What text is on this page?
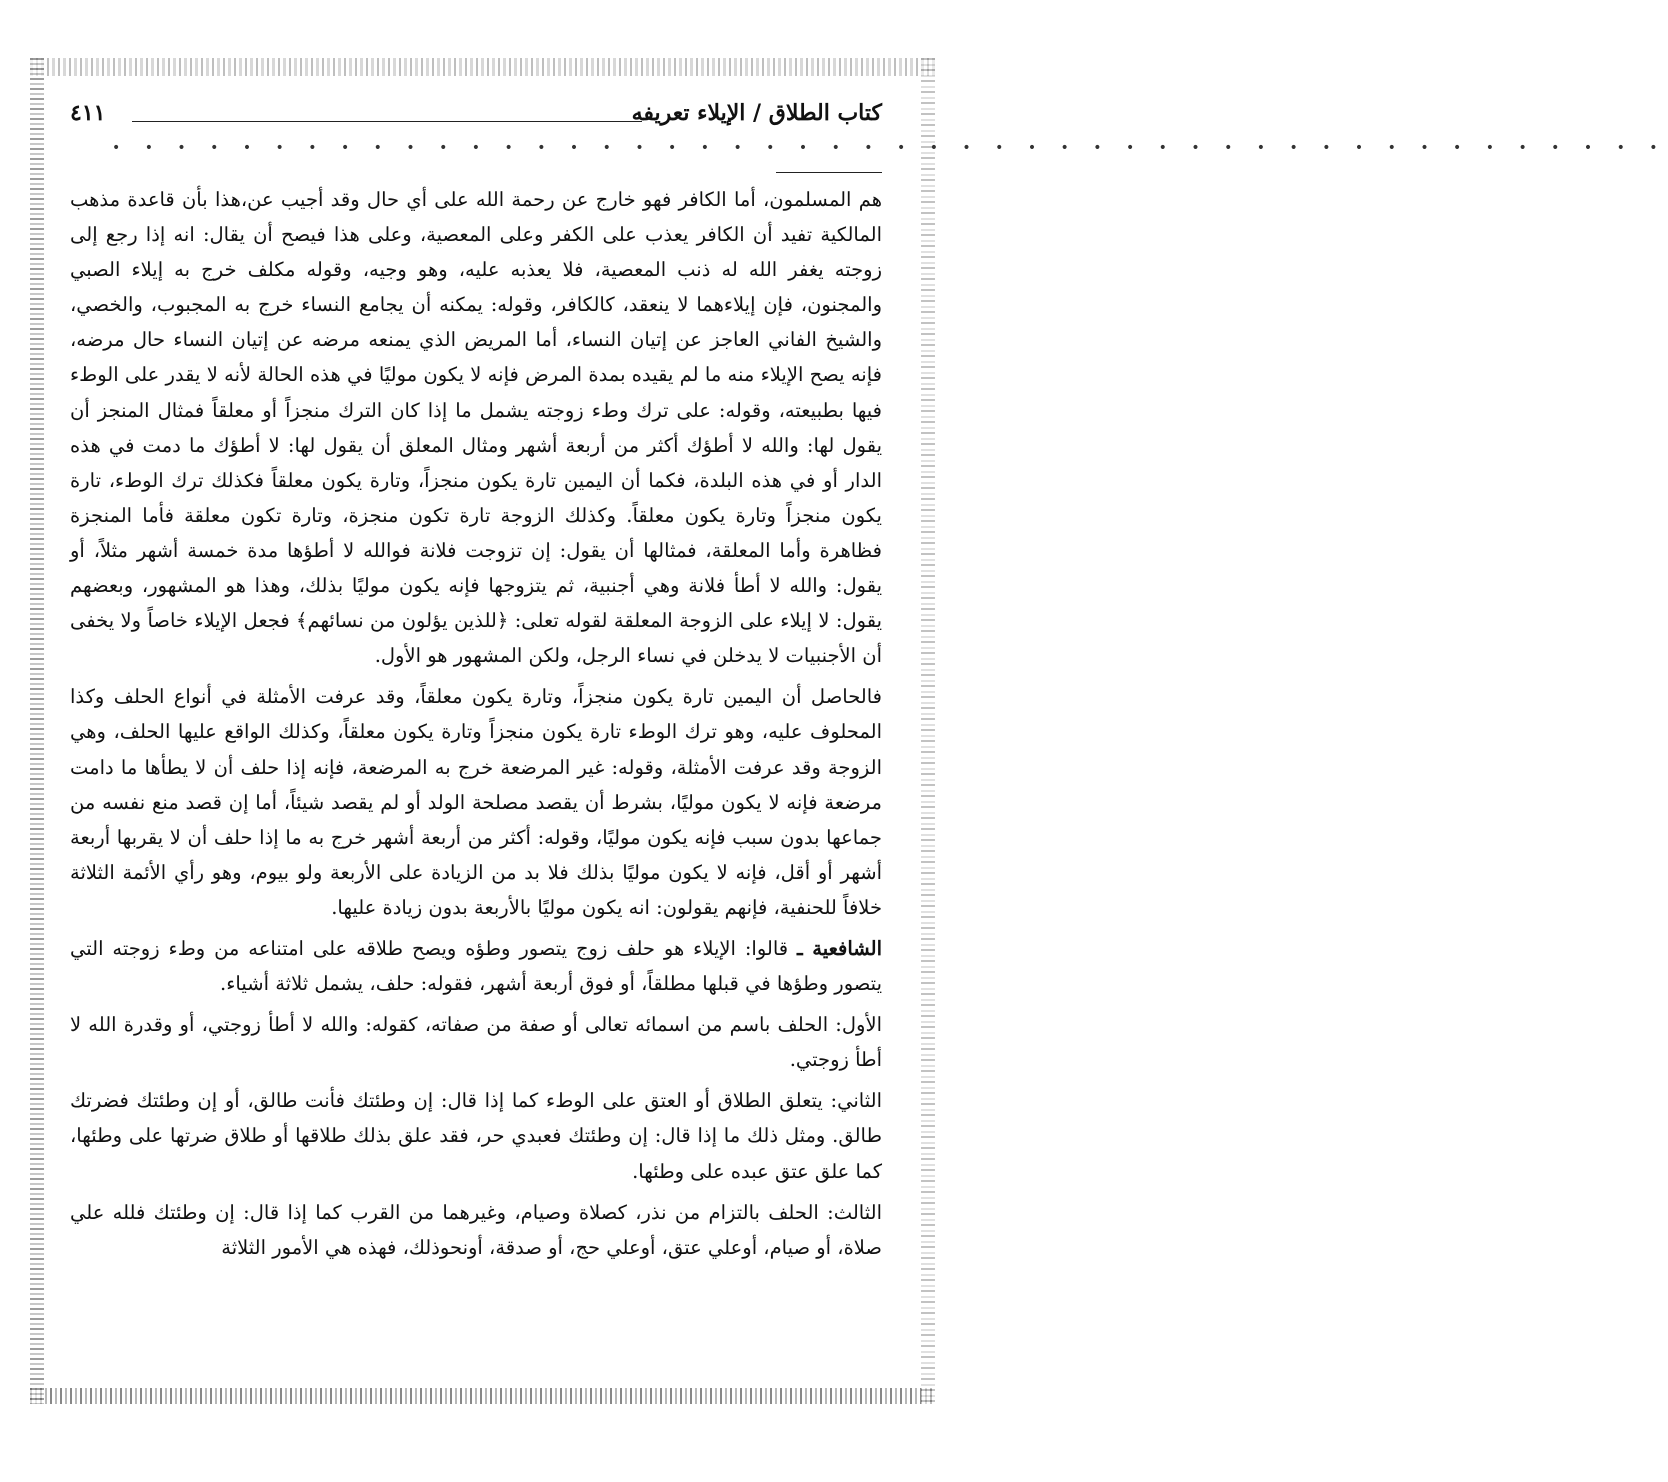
كتاب الطلاق / الإيلاء تعريفه
٤١١
• • • • • • • • • • • • • • • • • • • • • • • • • • • • • • • • • • • • • • • • • • • • • • • •

هم المسلمون، أما الكافر فهو خارج عن رحمة الله على أي حال وقد أجيب عن،هذا بأن قاعدة مذهب المالكية تفيد أن الكافر يعذب على الكفر وعلى المعصية، وعلى هذا فيصح أن يقال: انه إذا رجع إلى زوجته يغفر الله له ذنب المعصية، فلا يعذبه عليه، وهو وجيه، وقوله مكلف خرج به إيلاء الصبي والمجنون، فإن إيلاءهما لا ينعقد، كالكافر، وقوله: يمكنه أن يجامع النساء خرج به المجبوب، والخصي، والشيخ الفاني العاجز عن إتيان النساء، أما المريض الذي يمنعه مرضه عن إتيان النساء حال مرضه، فإنه يصح الإيلاء منه ما لم يقيده بمدة المرض فإنه لا يكون موليًا في هذه الحالة لأنه لا يقدر على الوطء فيها بطبيعته، وقوله: على ترك وطء زوجته يشمل ما إذا كان الترك منجزاً أو معلقاً فمثال المنجز أن يقول لها: والله لا أطؤك أكثر من أربعة أشهر ومثال المعلق أن يقول لها: لا أطؤك ما دمت في هذه الدار أو في هذه البلدة، فكما أن اليمين تارة يكون منجزاً، وتارة يكون معلقاً فكذلك ترك الوطء، تارة يكون منجزاً وتارة يكون معلقاً. وكذلك الزوجة تارة تكون منجزة، وتارة تكون معلقة فأما المنجزة فظاهرة وأما المعلقة، فمثالها أن يقول: إن تزوجت فلانة فوالله لا أطؤها مدة خمسة أشهر مثلاً، أو يقول: والله لا أطأ فلانة وهي أجنبية، ثم يتزوجها فإنه يكون موليًا بذلك، وهذا هو المشهور، وبعضهم يقول: لا إيلاء على الزوجة المعلقة لقوله تعلى: ﴿للذين يؤلون من نسائهم﴾ فجعل الإيلاء خاصاً ولا يخفى أن الأجنبيات لا يدخلن في نساء الرجل، ولكن المشهور هو الأول.

فالحاصل أن اليمين تارة يكون منجزاً، وتارة يكون معلقاً، وقد عرفت الأمثلة في أنواع الحلف وكذا المحلوف عليه، وهو ترك الوطء تارة يكون منجزاً وتارة يكون معلقاً، وكذلك الواقع عليها الحلف، وهي الزوجة وقد عرفت الأمثلة، وقوله: غير المرضعة خرج به المرضعة، فإنه إذا حلف أن لا يطأها ما دامت مرضعة فإنه لا يكون موليًا، بشرط أن يقصد مصلحة الولد أو لم يقصد شيئاً، أما إن قصد منع نفسه من جماعها بدون سبب فإنه يكون موليًا، وقوله: أكثر من أربعة أشهر خرج به ما إذا حلف أن لا يقربها أربعة أشهر أو أقل، فإنه لا يكون موليًا بذلك فلا بد من الزيادة على الأربعة ولو بيوم، وهو رأي الأئمة الثلاثة خلافاً للحنفية، فإنهم يقولون: انه يكون موليًا بالأربعة بدون زيادة عليها.

الشافعية ـ قالوا: الإيلاء هو حلف زوج يتصور وطؤه ويصح طلاقه على امتناعه من وطء زوجته التي يتصور وطؤها في قبلها مطلقاً، أو فوق أربعة أشهر، فقوله: حلف، يشمل ثلاثة أشياء.

الأول: الحلف باسم من اسمائه تعالى أو صفة من صفاته، كقوله: والله لا أطأ زوجتي، أو وقدرة الله لا أطأ زوجتي.

الثاني: يتعلق الطلاق أو العتق على الوطء كما إذا قال: إن وطئتك فأنت طالق، أو إن وطئتك فضرتك طالق. ومثل ذلك ما إذا قال: إن وطئتك فعبدي حر، فقد علق بذلك طلاقها أو طلاق ضرتها على وطئها، كما علق عتق عبده على وطئها.

الثالث: الحلف بالتزام من نذر، كصلاة وصيام، وغيرهما من القرب كما إذا قال: إن وطئتك فلله علي صلاة، أو صيام، أوعلي عتق، أوعلي حج، أو صدقة، أونحوذلك، فهذه هي الأمور الثلاثة
